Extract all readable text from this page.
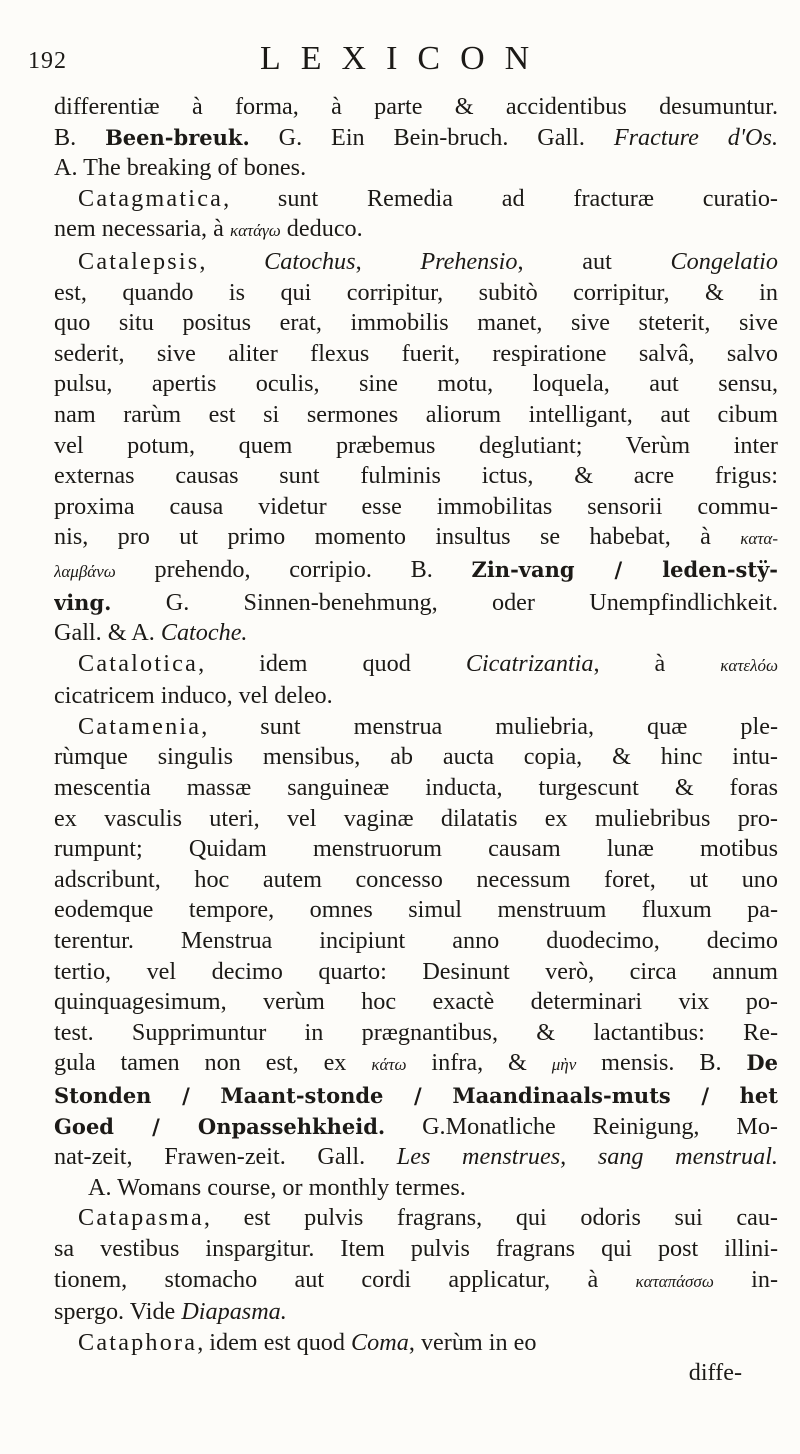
192	LEXICON
differentiæ à forma, à parte & accidentibus desumuntur.
B. Been-breuk. G. Ein Bein-bruch. Gall. Fracture d'Os.
A. The breaking of bones.
Catagmatica, sunt Remedia ad fracturæ curatio-
nem necessaria, à κατάγω deduco.
Catalepsis, Catochus, Prehensio, aut Congelatio
est, quando is qui corripitur, subitò corripitur, & in
quo situ positus erat, immobilis manet, sive steterit, sive
sederit, sive aliter flexus fuerit, respiratione salvâ, salvo
pulsu, apertis oculis, sine motu, loquela, aut sensu,
nam rarùm est si sermones aliorum intelligant, aut cibum
vel potum, quem præbemus deglutiant; Verùm inter
externas causas sunt fulminis ictus, & acre frigus:
proxima causa videtur esse immobilitas sensorii commu-
nis, pro ut primo momento insultus se habebat, à κατα-
λαμβάνω prehendo, corripio. B. Zin-vang / leden-stÿ-
ving. G. Sinnen-benehmung, oder Unempfindlichkeit.
Gall. & A. Catoche.
Catalotica, idem quod Cicatrizantia, à κατελόω
cicatricem induco, vel deleo.
Catamenia, sunt menstrua muliebria, quæ ple-
rùmque singulis mensibus, ab aucta copia, & hinc intu-
mescentia massæ sanguineæ inducta, turgescunt & foras
ex vasculis uteri, vel vaginæ dilatatis ex muliebribus pro-
rumpunt; Quidam menstruorum causam lunæ motibus
adscribunt, hoc autem concesso necessum foret, ut uno
eodemque tempore, omnes simul menstruum fluxum pa-
terentur. Menstrua incipiunt anno duodecimo, decimo
tertio, vel decimo quarto: Desinunt verò, circa annum
quinquagesimum, verùm hoc exactè determinari vix po-
test. Supprimuntur in prægnantibus, & lactantibus: Re-
gula tamen non est, ex κάτω infra, & μὴν mensis. B. De
Stonden / Maant-stonde / Maandinaals-muts / het
Goed / Onpassehkheid. G.Monatliche Reinigung, Mo-
nat-zeit, Frawen-zeit. Gall. Les menstrues, sang menstrual.
A. Womans course, or monthly termes.
Catapasma, est pulvis fragrans, qui odoris sui cau-
sa vestibus inspargitur. Item pulvis fragrans qui post illini-
tionem, stomacho aut cordi applicatur, à καταπάσσω in-
spergo. Vide Diapasma.
Cataphora, idem est quod Coma, verùm in eo
diffe-
